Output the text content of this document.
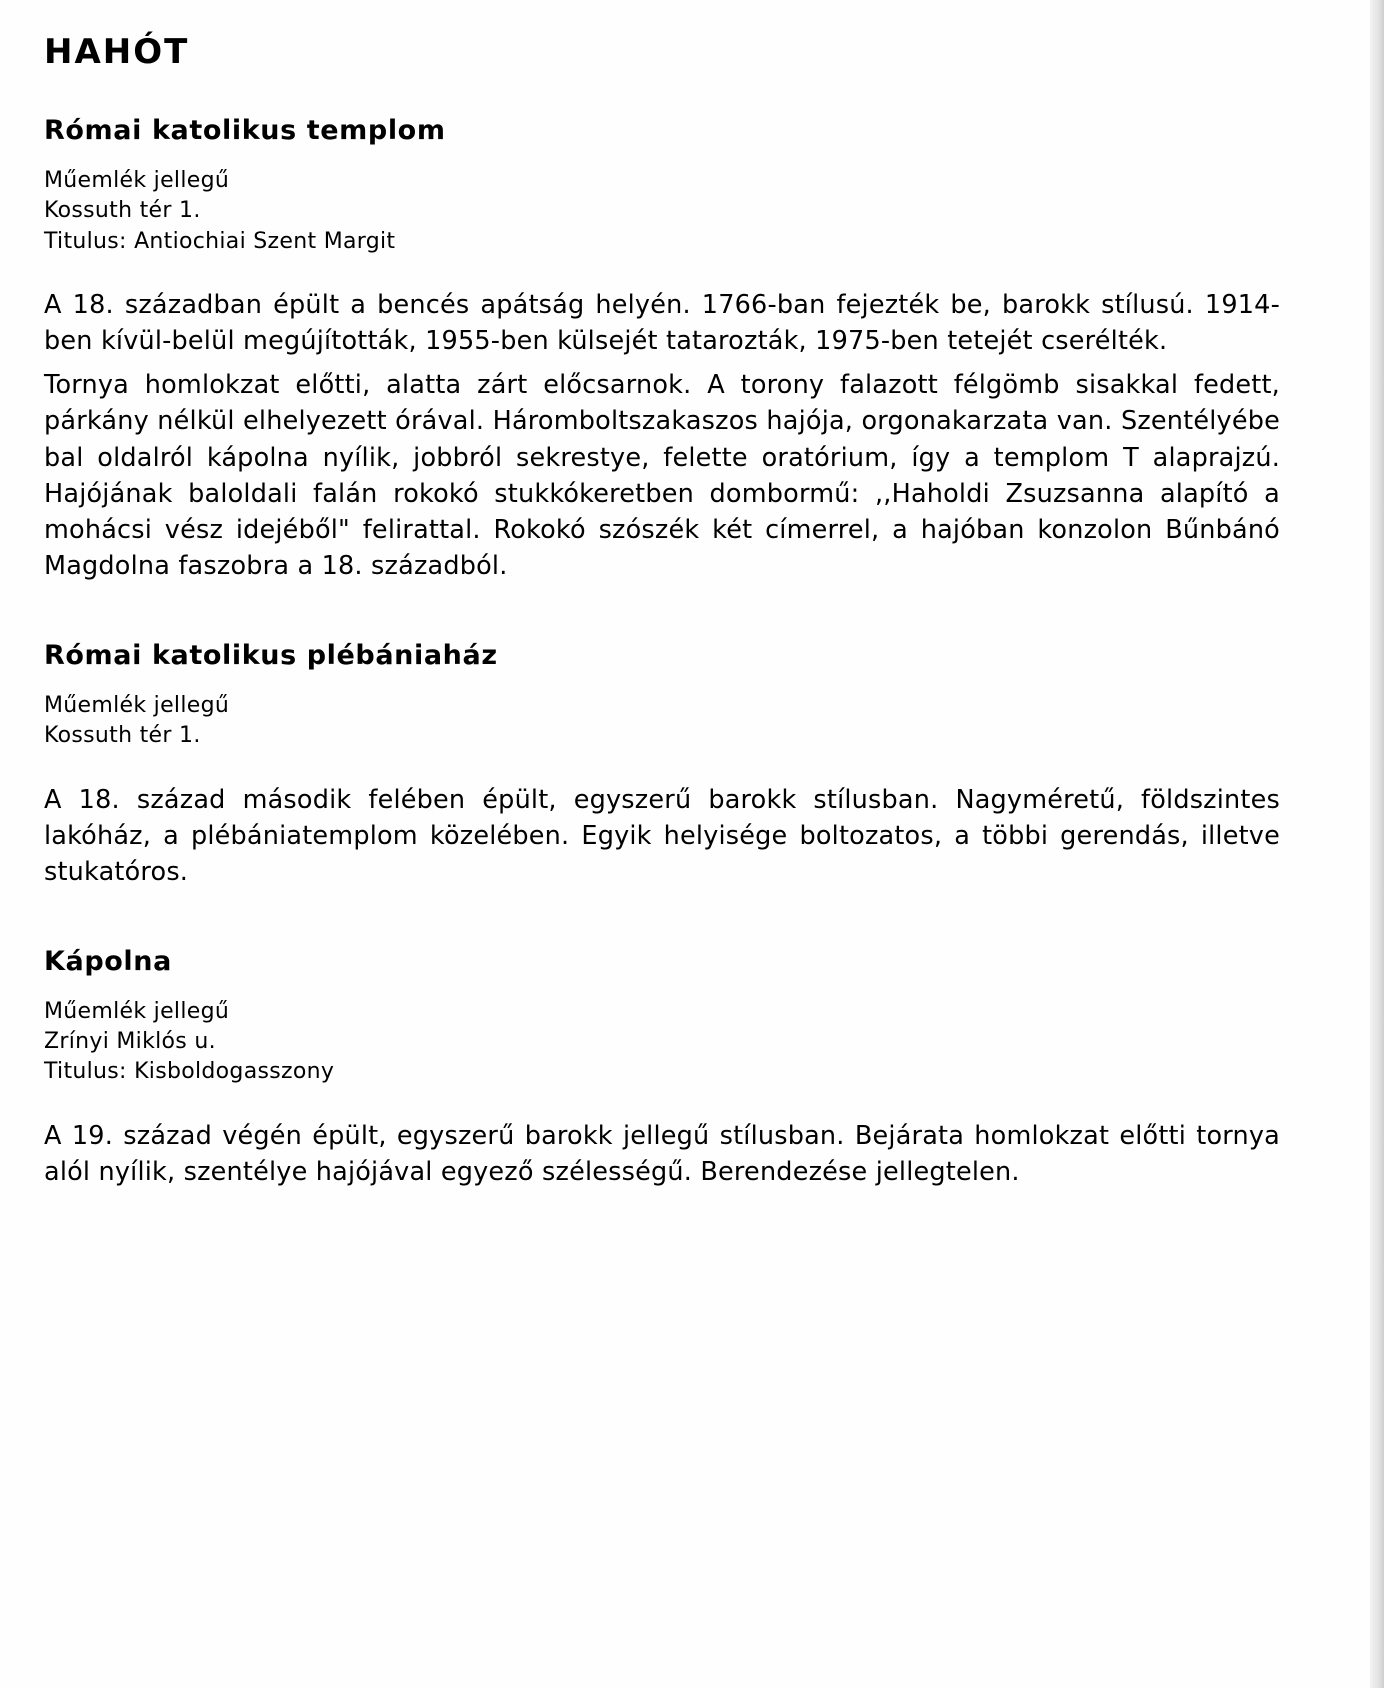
HAHÓT
Római katolikus templom
Műemlék jellegű
Kossuth tér 1.
Titulus: Antiochiai Szent Margit

A 18. században épült a bencés apátság helyén. 1766-ban fejezték be, barokk stílusú. 1914-ben kívül-belül megújították, 1955-ben külsejét tatarozták, 1975-ben tetejét cserélték.

Tornya homlokzat előtti, alatta zárt előcsarnok. A torony falazott félgömb sisakkal fedett, párkány nélkül elhelyezett órával. Háromboltszakaszos hajója, orgonakarzata van. Szentélyébe bal oldalról kápolna nyílik, jobbról sekrestye, felette oratórium, így a templom T alaprajzú. Hajójának baloldali falán rokokó stukkókeretben dombormű: ,,Haholdi Zsuzsanna alapító a mohácsi vész idejéből" felirattal. Rokokó szószék két címerrel, a hajóban konzolon Bűnbánó Magdolna faszobra a 18. századból.

Római katolikus plébániaház
Műemlék jellegű
Kossuth tér 1.

A 18. század második felében épült, egyszerű barokk stílusban. Nagyméretű, földszintes lakóház, a plébániatemplom közelében. Egyik helyisége boltozatos, a többi gerendás, illetve stukatóros.

Kápolna
Műemlék jellegű
Zrínyi Miklós u.
Titulus: Kisboldogasszony

A 19. század végén épült, egyszerű barokk jellegű stílusban. Bejárata homlokzat előtti tornya alól nyílik, szentélye hajójával egyező szélességű. Berendezése jellegtelen.
